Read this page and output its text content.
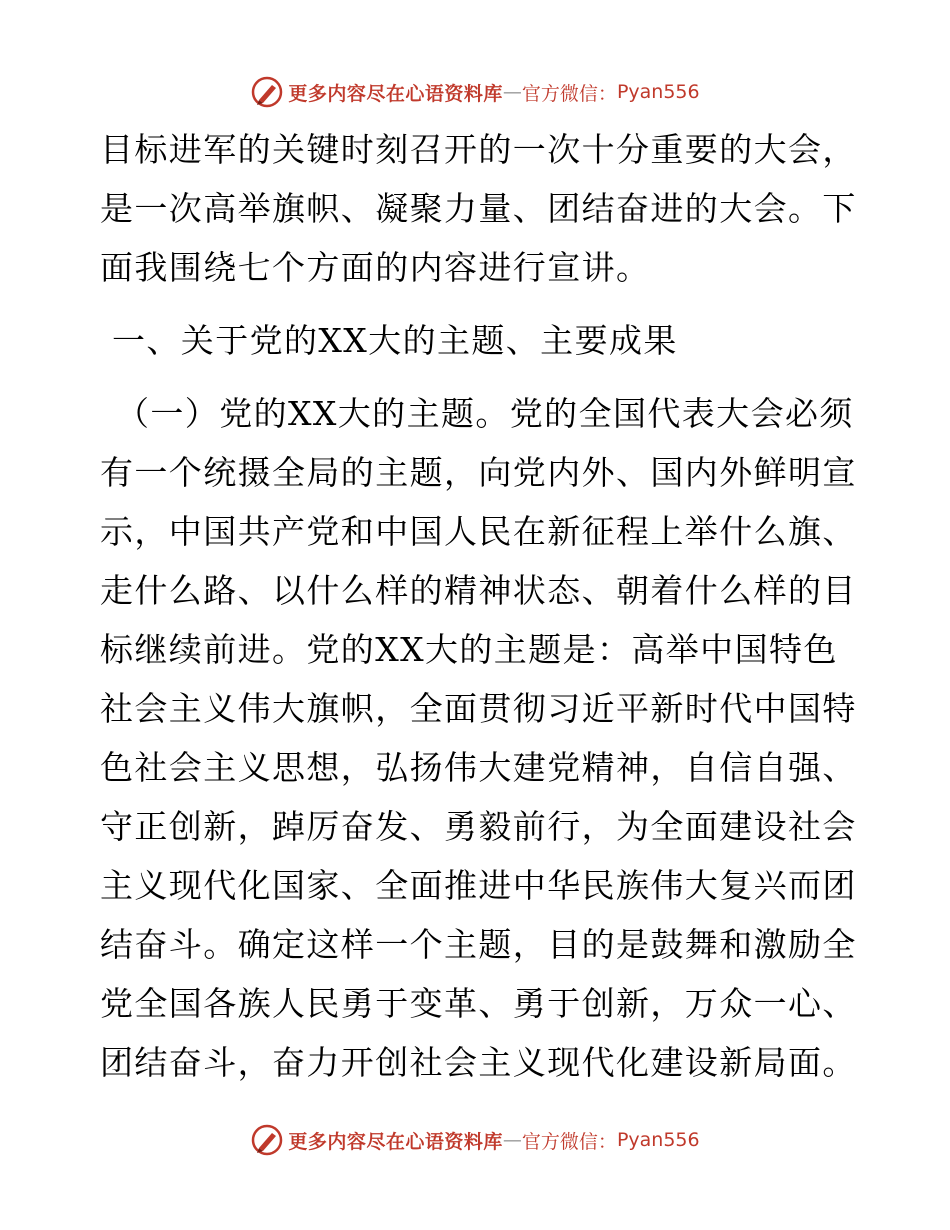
更多内容尽在心语资料库 — 官方微信： Pyan556
目标进军的关键时刻召开的一次十分重要的大会，
是一次高举旗帜、凝聚力量、团结奋进的大会。下
面我围绕七个方面的内容进行宣讲。
一、关于党的XX大的主题、主要成果
（一）党的XX大的主题。党的全国代表大会必须
有一个统摄全局的主题，向党内外、国内外鲜明宣
示，中国共产党和中国人民在新征程上举什么旗、
走什么路、以什么样的精神状态、朝着什么样的目
标继续前进。党的XX大的主题是：高举中国特色
社会主义伟大旗帜，全面贯彻习近平新时代中国特
色社会主义思想，弘扬伟大建党精神，自信自强、
守正创新，踔厉奋发、勇毅前行，为全面建设社会
主义现代化国家、全面推进中华民族伟大复兴而团
结奋斗。确定这样一个主题，目的是鼓舞和激励全
党全国各族人民勇于变革、勇于创新，万众一心、
团结奋斗，奋力开创社会主义现代化建设新局面。
更多内容尽在心语资料库 — 官方微信： Pyan556
